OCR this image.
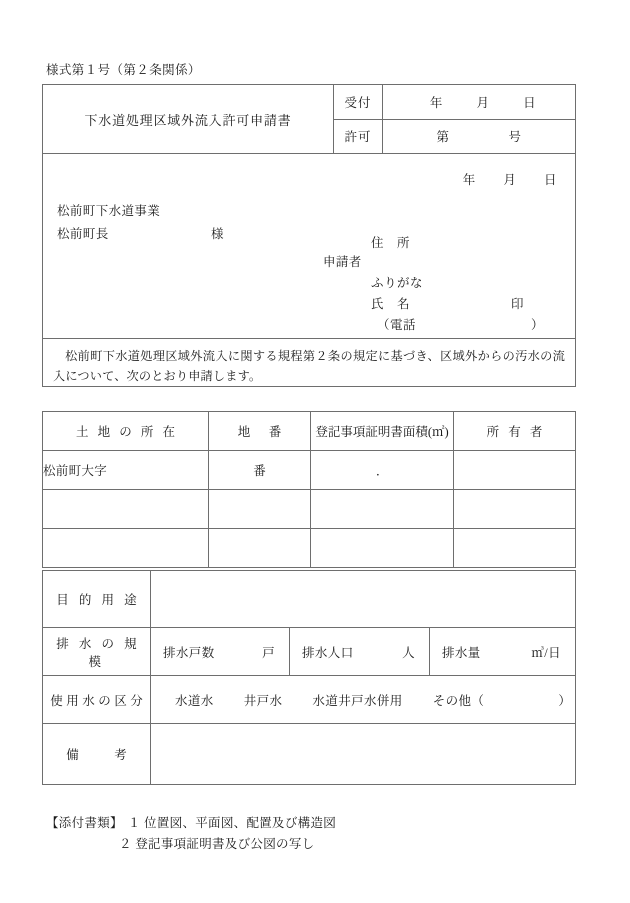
様式第１号（第２条関係）
下水道処理区域外流入許可申請書	受付	年 月 日

	許可	第 号

年 月 日
松前町下水道事業
松前町長	様
申請者
住　所
ふりがな
氏　名	印
（電話	）

松前町下水道処理区域外流入に関する規程第２条の規定に基づき、区域外からの汚水の流入について、次のとおり申請します。		
土 地 の 所 在	地　番	登記事項証明書面積(㎡)	所 有 者
松前町大字	番	．	

目 的 用 途			
排 水 の 規 模	排水戸数 戸	排水人口 人	排水量 ㎥/日

使用水の区分	水道水 井戸水 水道井戸水併用 その他（ ）		

備　　考			
【添付書類】 １ 位置図、平面図、配置及び構造図
２ 登記事項証明書及び公図の写し
